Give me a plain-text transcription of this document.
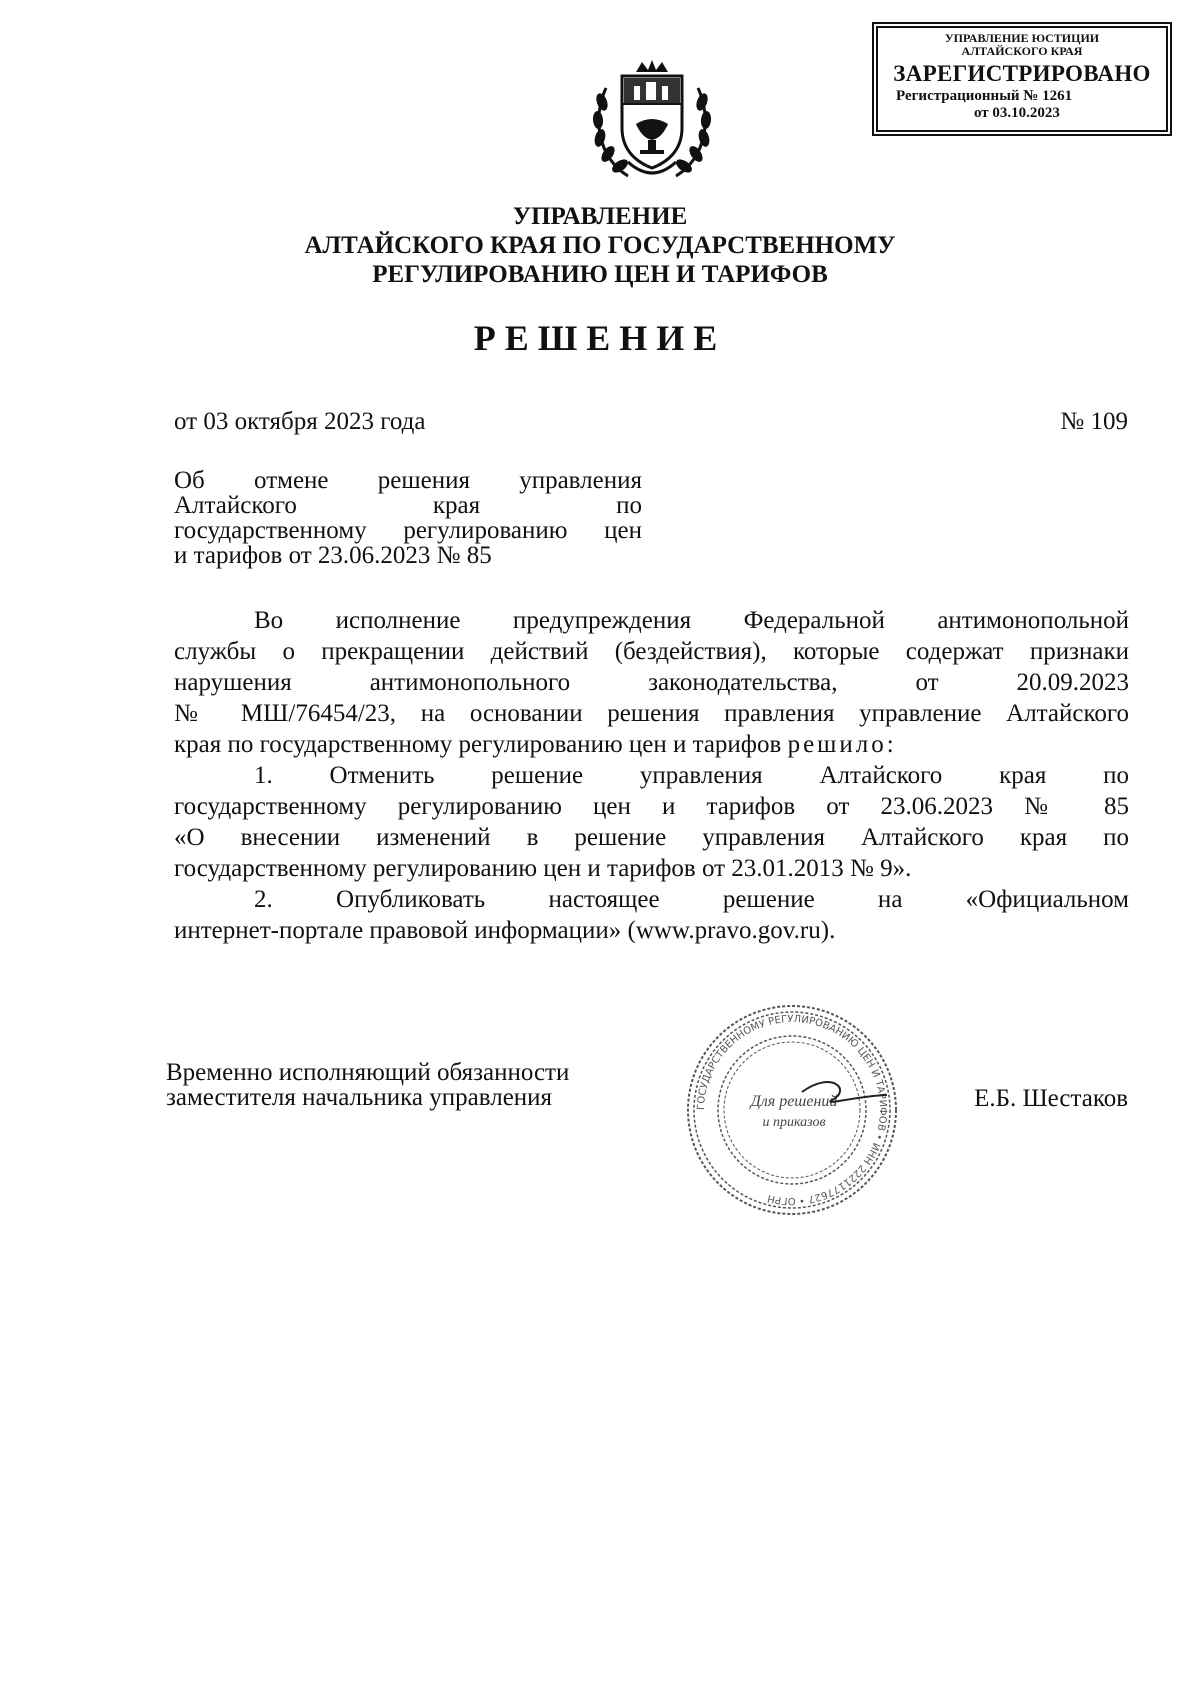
УПРАВЛЕНИЕ ЮСТИЦИИ
АЛТАЙСКОГО КРАЯ
ЗАРЕГИСТРИРОВАНО
Регистрационный № 1261
от 03.10.2023
УПРАВЛЕНИЕ
АЛТАЙСКОГО КРАЯ ПО ГОСУДАРСТВЕННОМУ
РЕГУЛИРОВАНИЮ ЦЕН И ТАРИФОВ
РЕШЕНИЕ
от 03 октября 2023 года	№ 109
Об отмене решения управления
Алтайского края по
государственному регулированию цен
и тарифов от 23.06.2023 № 85
Во исполнение предупреждения Федеральной антимонопольной
службы о прекращении действий (бездействия), которые содержат признаки
нарушения антимонопольного законодательства, от 20.09.2023
№ МШ/76454/23, на основании решения правления управление Алтайского
края по государственному регулированию цен и тарифов решило:
1. Отменить решение управления Алтайского края по
государственному регулированию цен и тарифов от 23.06.2023 № 85
«О внесении изменений в решение управления Алтайского края по
государственному регулированию цен и тарифов от 23.01.2013 № 9».
2. Опубликовать настоящее решение на «Официальном
интернет-портале правовой информации» (www.pravo.gov.ru).
ГОСУДАРСТВЕННОМУ РЕГУЛИРОВАНИЮ ЦЕН И ТАРИФОВ • ИНН 2221177627 • ОГРН
Для решений
и приказов
Временно исполняющий обязанности
заместителя начальника управления	Е.Б. Шестаков
